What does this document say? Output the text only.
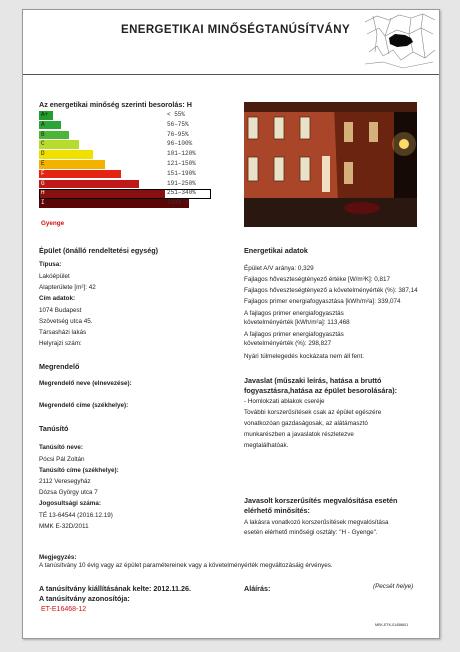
ENERGETIKAI MINŐSÉGTANÚSÍTVÁNY
Az energetikai minőség szerinti besorolás: H
A+	< 55%
A	56–75%
B	76–95%
C	96–100%
D	101–120%
E	121–150%
F	151–190%
G	191–250%
H	251–340%
I	341% <
Gyenge
Épület (önálló rendeltetési egység)
Típusa:
Lakóépület
Alapterülete [m²]: 42
Cím adatok:
1074 Budapest
Szövetség utca 45.
Társasházi lakás
Helyrajzi szám:
Energetikai adatok
Épület A/V aránya: 0,329
Fajlagos hőveszteségtényező értéke [W/m³K]: 0,817
Fajlagos hőveszteségtényező a követelményérték (%): 387,14
Fajlagos primer energiafogyasztása [kWh/m²a]: 339,074
A fajlagos primer energiafogyasztás
követelményérték [kWh/m²a]: 113,468
A fajlagos primer energiafogyasztás
követelményérték (%): 298,827
Nyári túlmelegedés kockázata nem áll fent.
Megrendelő
Megrendelő neve (elnevezése):
Megrendelő címe (székhelye):
Javaslat (műszaki leírás, hatása a bruttó
fogyasztásra,hatása az épület besorolására):
- Homlokzati ablakok cseréje
További korszerűsítések csak az épület egészére
vonatkozóan gazdaságosak, az alátámasztó
munkarészben a javaslatok részletezve
megtalálhatóak.
Tanúsító
Tanúsító neve:
Pócsi Pál Zoltán
Tanúsító címe (székhelye):
2112 Veresegyház
Dózsa György utca 7
Jogosultsági száma:
TÉ 13-64544 (2016.12.19)
MMK E-32D/2011
Javasolt korszerűsítés megvalósítása esetén
elérhető minősítés:
A lakásra vonatkozó korszerűsítések megvalósítása
esetén elérhető minőségi osztály: "H - Gyenge".
Megjegyzés:
A tanúsítvány 10 évig vagy az épület paramétereinek vagy a követelményérték megváltozásáig érvényes.
A tanúsítvány kiállításának kelte: 2012.11.26.
A tanúsítvány azonosítója:
ET-E16468-12
Aláírás:	(Pecsét helye)
MEK-ETK-01458601
